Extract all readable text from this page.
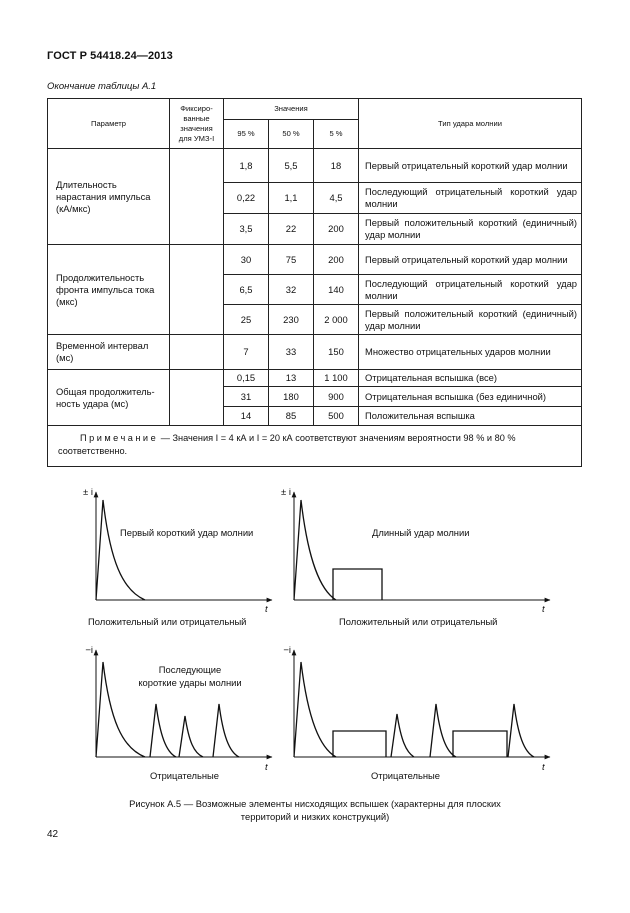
ГОСТ Р 54418.24—2013
Окончание таблицы А.1
Параметр	Фиксиро-ванные значения для УМЗ-I	Значения			Тип удара молнии
		95 %	50 %	5 %	
Длительность нарастания импульса (кА/мкс)		1,8	5,5	18	Первый отрицательный короткий удар молнии
		0,22	1,1	4,5	Последующий отрицательный короткий удар молнии
		3,5	22	200	Первый положительный короткий (единичный) удар молнии
Продолжительность фронта импульса тока (мкс)		30	75	200	Первый отрицательный короткий удар молнии
		6,5	32	140	Последующий отрицательный короткий удар молнии
		25	230	2 000	Первый положительный короткий (единичный) удар молнии
Временной интервал (мс)		7	33	150	Множество отрицательных ударов молнии
Общая продолжитель-ность удара (мс)		0,15	13	1 100	Отрицательная вспышка (все)
		31	180	900	Отрицательная вспышка (без единичной)
		14	85	500	Положительная вспышка
Примечание — Значения I = 4 кА и I = 20 кА соответствуют значениям вероятности 98 % и 80 % соответственно.					
± i
t
Первый короткий удар молнии
Положительный или отрицательный
± i
t
Длинный удар молнии
Положительный или отрицательный
−i
t
Последующие
короткие удары молнии
Отрицательные
−i
t
Отрицательные
Рисунок А.5 — Возможные элементы нисходящих вспышек (характерны для плоских
территорий и низких конструкций)
42
